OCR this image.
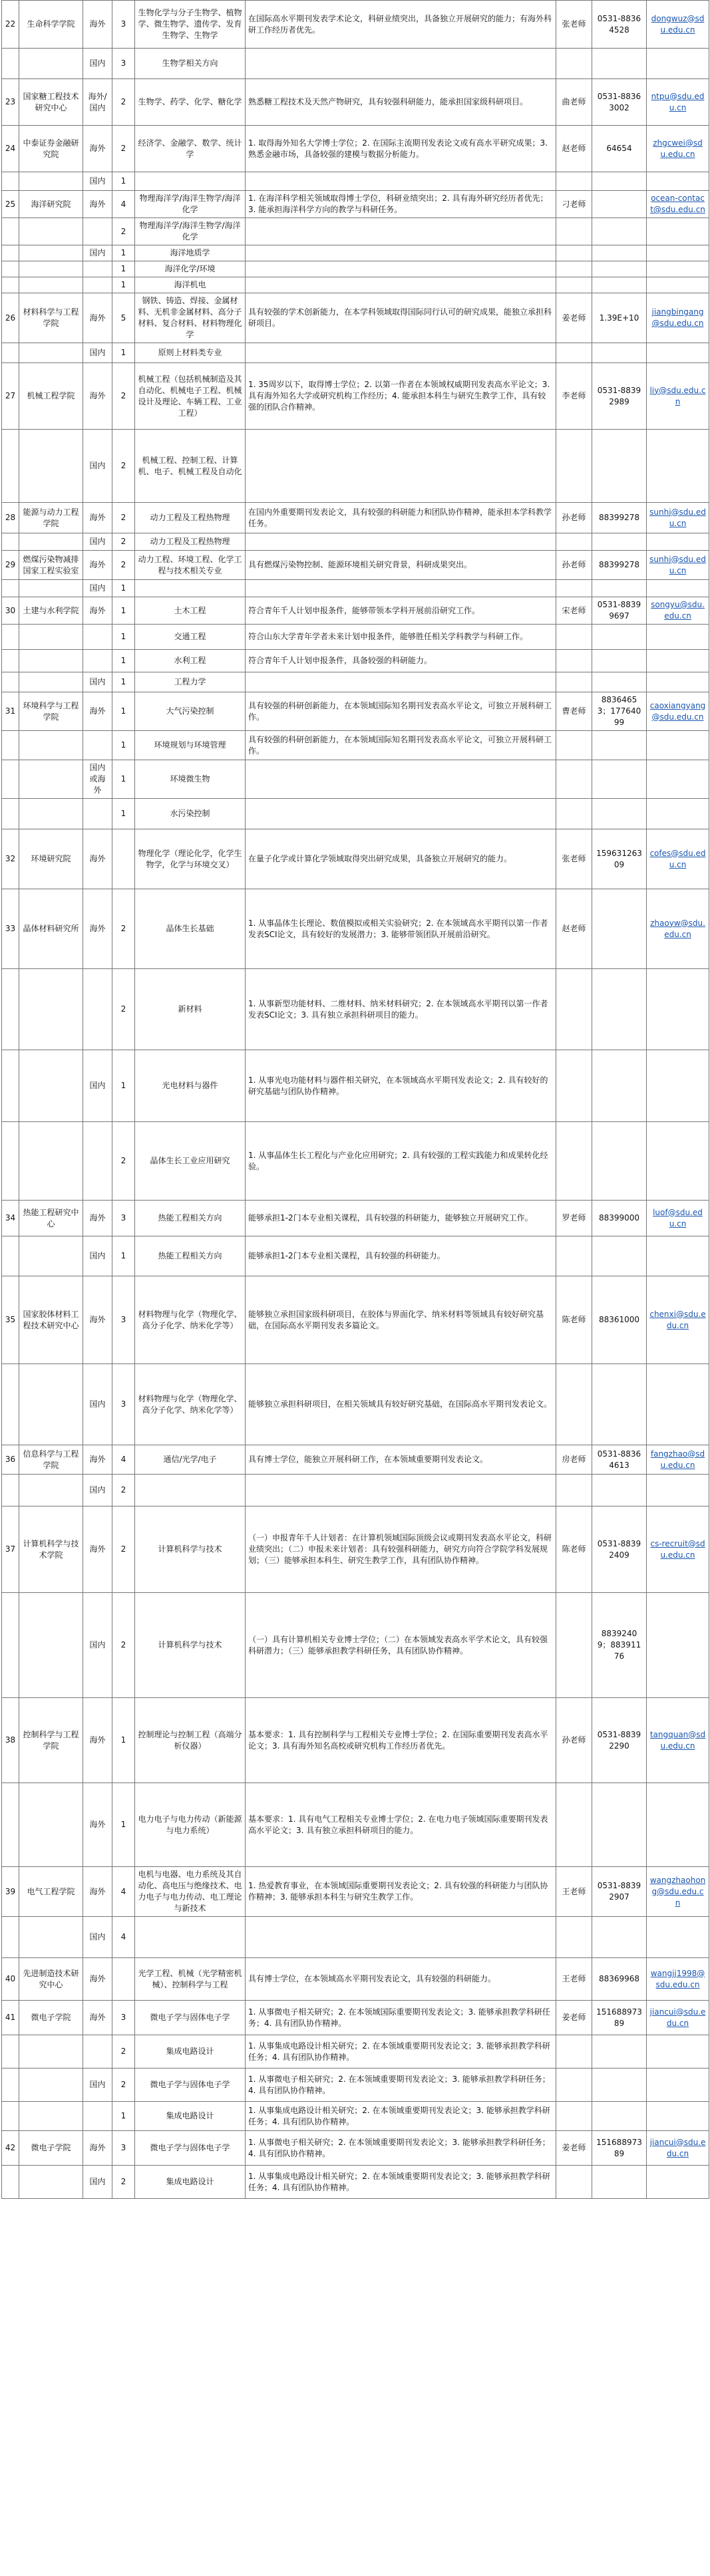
22	生命科学学院	海外	3	生物化学与分子生物学、植物学、微生物学、遗传学、发育生物学、生物学	在国际高水平期刊发表学术论文，科研业绩突出，具备独立开展研究的能力；有海外科研工作经历者优先。	张老师	0531-88364528	dongwuz@sdu.edu.cn
		国内	3	生物学相关方向				
23	国家糖工程技术研究中心	海外/国内	2	生物学、药学、化学、糖化学	熟悉糖工程技术及天然产物研究，具有较强科研能力，能承担国家级科研项目。	曲老师	0531-88363002	ntpu@sdu.edu.cn
24	中泰证券金融研究院	海外	2	经济学、金融学、数学、统计学	1. 取得海外知名大学博士学位；2. 在国际主流期刊发表论文或有高水平研究成果；3. 熟悉金融市场，具备较强的建模与数据分析能力。	赵老师	64654	zhgcwei@sdu.edu.cn
		国内	1					
25	海洋研究院	海外	4	物理海洋学/海洋生物学/海洋化学	1. 在海洋科学相关领域取得博士学位，科研业绩突出；2. 具有海外研究经历者优先；3. 能承担海洋科学方向的教学与科研任务。	刁老师		ocean-contact@sdu.edu.cn
			2	物理海洋学/海洋生物学/海洋化学				
		国内	1	海洋地质学				
			1	海洋化学/环境				
			1	海洋机电				
26	材料科学与工程学院	海外	5	钢铁、铸造、焊接、金属材料、无机非金属材料、高分子材料、复合材料、材料物理化学	具有较强的学术创新能力，在本学科领域取得国际同行认可的研究成果，能独立承担科研项目。	姜老师	1.39E+10	jiangbingang@sdu.edu.cn
		国内	1	原则上材料类专业				
27	机械工程学院	海外	2	机械工程（包括机械制造及其自动化、机械电子工程、机械设计及理论、车辆工程、工业工程）	1. 35周岁以下，取得博士学位；2. 以第一作者在本领域权威期刊发表高水平论文；3. 具有海外知名大学或研究机构工作经历；4. 能承担本科生与研究生教学工作，具有较强的团队合作精神。	李老师	0531-88392989	liy@sdu.edu.cn
		国内	2	机械工程、控制工程、计算机、电子、机械工程及自动化				
28	能源与动力工程学院	海外	2	动力工程及工程热物理	在国内外重要期刊发表论文，具有较强的科研能力和团队协作精神，能承担本学科教学任务。	孙老师	88399278	sunhj@sdu.edu.cn
		国内	2	动力工程及工程热物理				
29	燃煤污染物减排国家工程实验室	海外	2	动力工程、环境工程、化学工程与技术相关专业	具有燃煤污染物控制、能源环境相关研究背景，科研成果突出。	孙老师	88399278	sunhj@sdu.edu.cn
		国内	1					
30	土建与水利学院	海外	1	土木工程	符合青年千人计划申报条件，能够带领本学科开展前沿研究工作。	宋老师	0531-88399697	songyu@sdu.edu.cn
			1	交通工程	符合山东大学青年学者未来计划申报条件，能够胜任相关学科教学与科研工作。			
			1	水利工程	符合青年千人计划申报条件，具备较强的科研能力。			
		国内	1	工程力学				
31	环境科学与工程学院	海外	1	大气污染控制	具有较强的科研创新能力，在本领域国际知名期刊发表高水平论文，可独立开展科研工作。	曹老师	88364653；17764099	caoxiangyang@sdu.edu.cn
			1	环境规划与环境管理	具有较强的科研创新能力，在本领域国际知名期刊发表高水平论文，可独立开展科研工作。			
		国内或海外	1	环境微生物				
			1	水污染控制				
32	环境研究院	海外		物理化学（理论化学，化学生物学，化学与环境交叉）	在量子化学或计算化学领域取得突出研究成果，具备独立开展研究的能力。	张老师	15963126309	cofes@sdu.edu.cn
33	晶体材料研究所	海外	2	晶体生长基础	1. 从事晶体生长理论、数值模拟或相关实验研究；2. 在本领域高水平期刊以第一作者发表SCI论文，具有较好的发展潜力；3. 能够带领团队开展前沿研究。	赵老师		zhaoyw@sdu.edu.cn
			2	新材料	1. 从事新型功能材料、二维材料、纳米材料研究；2. 在本领域高水平期刊以第一作者发表SCI论文；3. 具有独立承担科研项目的能力。			
		国内	1	光电材料与器件	1. 从事光电功能材料与器件相关研究，在本领域高水平期刊发表论文；2. 具有较好的研究基础与团队协作精神。			
			2	晶体生长工业应用研究	1. 从事晶体生长工程化与产业化应用研究；2. 具有较强的工程实践能力和成果转化经验。			
34	热能工程研究中心	海外	3	热能工程相关方向	能够承担1-2门本专业相关课程，具有较强的科研能力，能够独立开展研究工作。	罗老师	88399000	luof@sdu.edu.cn
		国内	1	热能工程相关方向	能够承担1-2门本专业相关课程，具有较强的科研能力。			
35	国家胶体材料工程技术研究中心	海外	3	材料物理与化学（物理化学、高分子化学、纳米化学等）	能够独立承担国家级科研项目，在胶体与界面化学、纳米材料等领域具有较好研究基础，在国际高水平期刊发表多篇论文。	陈老师	88361000	chenxi@sdu.edu.cn
		国内	3	材料物理与化学（物理化学、高分子化学、纳米化学等）	能够独立承担科研项目，在相关领域具有较好研究基础，在国际高水平期刊发表论文。			
36	信息科学与工程学院	海外	4	通信/光学/电子	具有博士学位，能独立开展科研工作，在本领域重要期刊发表论文。	房老师	0531-88364613	fangzhao@sdu.edu.cn
		国内	2					
37	计算机科学与技术学院	海外	2	计算机科学与技术	（一）申报青年千人计划者：在计算机领域国际顶级会议或期刊发表高水平论文，科研业绩突出；（二）申报未来计划者：具有较强科研能力，研究方向符合学院学科发展规划；（三）能够承担本科生、研究生教学工作，具有团队协作精神。	陈老师	0531-88392409	cs-recruit@sdu.edu.cn
		国内	2	计算机科学与技术	（一）具有计算机相关专业博士学位；（二）在本领域发表高水平学术论文，具有较强科研潜力；（三）能够承担教学科研任务，具有团队协作精神。		88392409；88391176	
38	控制科学与工程学院	海外	1	控制理论与控制工程（高端分析仪器）	基本要求：1. 具有控制科学与工程相关专业博士学位；2. 在国际重要期刊发表高水平论文；3. 具有海外知名高校或研究机构工作经历者优先。	孙老师	0531-88392290	tangquan@sdu.edu.cn
		海外	1	电力电子与电力传动（新能源与电力系统）	基本要求：1. 具有电气工程相关专业博士学位；2. 在电力电子领域国际重要期刊发表高水平论文；3. 具有独立承担科研项目的能力。			
39	电气工程学院	海外	4	电机与电器、电力系统及其自动化、高电压与绝缘技术、电力电子与电力传动、电工理论与新技术	1. 热爱教育事业，在本领域国际重要期刊发表论文；2. 具有较强的科研能力与团队协作精神；3. 能够承担本科生与研究生教学工作。	王老师	0531-88392907	wangzhaohong@sdu.edu.cn
		国内	4					
40	先进制造技术研究中心	海外		光学工程、机械（光学精密机械）、控制科学与工程	具有博士学位，在本领域高水平期刊发表论文，具有较强的科研能力。	王老师	88369968	wangjj1998@sdu.edu.cn
41	微电子学院	海外	3	微电子学与固体电子学	1. 从事微电子相关研究；2. 在本领域国际重要期刊发表论文；3. 能够承担教学科研任务；4. 具有团队协作精神。	姜老师	15168897389	jiancui@sdu.edu.cn
			2	集成电路设计	1. 从事集成电路设计相关研究；2. 在本领域重要期刊发表论文；3. 能够承担教学科研任务；4. 具有团队协作精神。			
		国内	2	微电子学与固体电子学	1. 从事微电子相关研究；2. 在本领域重要期刊发表论文；3. 能够承担教学科研任务；4. 具有团队协作精神。			
			1	集成电路设计	1. 从事集成电路设计相关研究；2. 在本领域重要期刊发表论文；3. 能够承担教学科研任务；4. 具有团队协作精神。			
42	微电子学院	海外	3	微电子学与固体电子学	1. 从事微电子相关研究；2. 在本领域重要期刊发表论文；3. 能够承担教学科研任务；4. 具有团队协作精神。	姜老师	15168897389	jiancui@sdu.edu.cn
		国内	2	集成电路设计	1. 从事集成电路设计相关研究；2. 在本领域重要期刊发表论文；3. 能够承担教学科研任务；4. 具有团队协作精神。			
